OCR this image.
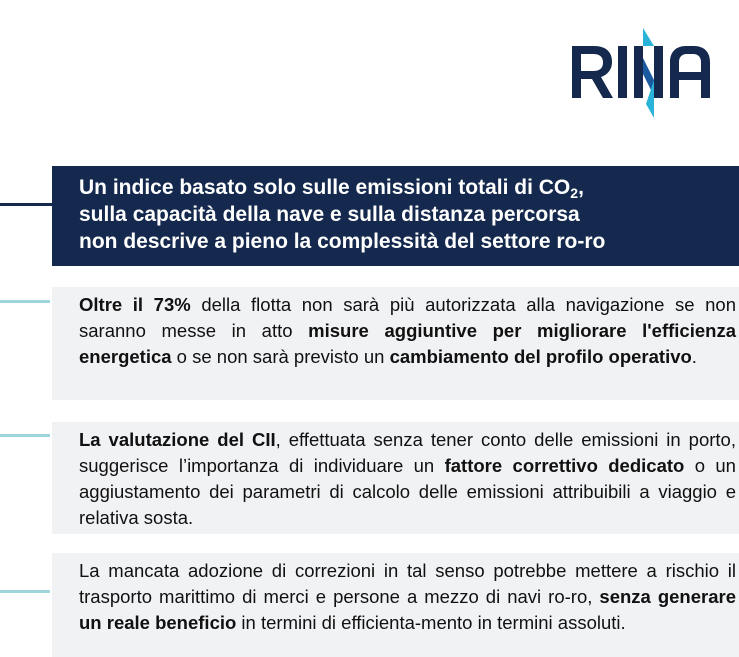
Un indice basato solo sulle emissioni totali di $CO_2$,
sulla capacità della nave e sulla distanza percorsa
non descrive a pieno la complessità del settore ro-ro
Oltre il 73% della flotta non sarà più autorizzata alla navigazione se non saranno messe in atto misure aggiuntive per migliorare l'efficienza energetica o se non sarà previsto un cambiamento del profilo operativo.
La valutazione del CII, effettuata senza tener conto delle emissioni in porto, suggerisce l’importanza di individuare un fattore correttivo dedicato o un aggiustamento dei parametri di calcolo delle emissioni attribuibili a viaggio e relativa sosta.
La mancata adozione di correzioni in tal senso potrebbe mettere a rischio il trasporto marittimo di merci e persone a mezzo di navi ro-ro, senza generare un reale beneficio in termini di efficienta-mento in termini assoluti.
